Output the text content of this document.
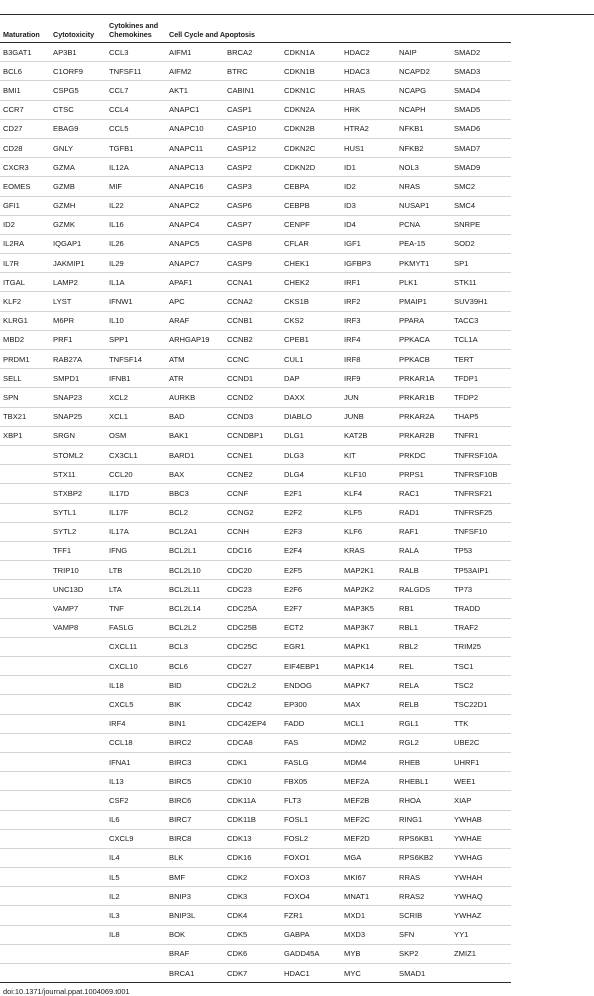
Maturation	Cytotoxicity	Cytokines and Chemokines	Cell Cycle and Apoptosis					
B3GAT1	AP3B1	CCL3	AIFM1	BRCA2	CDKN1A	HDAC2	NAIP	SMAD2
BCL6	C1ORF9	TNFSF11	AIFM2	BTRC	CDKN1B	HDAC3	NCAPD2	SMAD3
BMI1	CSPG5	CCL7	AKT1	CABIN1	CDKN1C	HRAS	NCAPG	SMAD4
CCR7	CTSC	CCL4	ANAPC1	CASP1	CDKN2A	HRK	NCAPH	SMAD5
CD27	EBAG9	CCL5	ANAPC10	CASP10	CDKN2B	HTRA2	NFKB1	SMAD6
CD28	GNLY	TGFB1	ANAPC11	CASP12	CDKN2C	HUS1	NFKB2	SMAD7
CXCR3	GZMA	IL12A	ANAPC13	CASP2	CDKN2D	ID1	NOL3	SMAD9
EOMES	GZMB	MIF	ANAPC16	CASP3	CEBPA	ID2	NRAS	SMC2
GFI1	GZMH	IL22	ANAPC2	CASP6	CEBPB	ID3	NUSAP1	SMC4
ID2	GZMK	IL16	ANAPC4	CASP7	CENPF	ID4	PCNA	SNRPE
IL2RA	IQGAP1	IL26	ANAPC5	CASP8	CFLAR	IGF1	PEA-15	SOD2
IL7R	JAKMIP1	IL29	ANAPC7	CASP9	CHEK1	IGFBP3	PKMYT1	SP1
ITGAL	LAMP2	IL1A	APAF1	CCNA1	CHEK2	IRF1	PLK1	STK11
KLF2	LYST	IFNW1	APC	CCNA2	CKS1B	IRF2	PMAIP1	SUV39H1
KLRG1	M6PR	IL10	ARAF	CCNB1	CKS2	IRF3	PPARA	TACC3
MBD2	PRF1	SPP1	ARHGAP19	CCNB2	CPEB1	IRF4	PPKACA	TCL1A
PRDM1	RAB27A	TNFSF14	ATM	CCNC	CUL1	IRF8	PPKACB	TERT
SELL	SMPD1	IFNB1	ATR	CCND1	DAP	IRF9	PRKAR1A	TFDP1
SPN	SNAP23	XCL2	AURKB	CCND2	DAXX	JUN	PRKAR1B	TFDP2
TBX21	SNAP25	XCL1	BAD	CCND3	DIABLO	JUNB	PRKAR2A	THAP5
XBP1	SRGN	OSM	BAK1	CCNDBP1	DLG1	KAT2B	PRKAR2B	TNFR1
	STOML2	CX3CL1	BARD1	CCNE1	DLG3	KIT	PRKDC	TNFRSF10A
	STX11	CCL20	BAX	CCNE2	DLG4	KLF10	PRPS1	TNFRSF10B
	STXBP2	IL17D	BBC3	CCNF	E2F1	KLF4	RAC1	TNFRSF21
	SYTL1	IL17F	BCL2	CCNG2	E2F2	KLF5	RAD1	TNFRSF25
	SYTL2	IL17A	BCL2A1	CCNH	E2F3	KLF6	RAF1	TNFSF10
	TFF1	IFNG	BCL2L1	CDC16	E2F4	KRAS	RALA	TP53
	TRIP10	LTB	BCL2L10	CDC20	E2F5	MAP2K1	RALB	TP53AIP1
	UNC13D	LTA	BCL2L11	CDC23	E2F6	MAP2K2	RALGDS	TP73
	VAMP7	TNF	BCL2L14	CDC25A	E2F7	MAP3K5	RB1	TRADD
	VAMP8	FASLG	BCL2L2	CDC25B	ECT2	MAP3K7	RBL1	TRAF2
		CXCL11	BCL3	CDC25C	EGR1	MAPK1	RBL2	TRIM25
		CXCL10	BCL6	CDC27	EIF4EBP1	MAPK14	REL	TSC1
		IL18	BID	CDC2L2	ENDOG	MAPK7	RELA	TSC2
		CXCL5	BIK	CDC42	EP300	MAX	RELB	TSC22D1
		IRF4	BIN1	CDC42EP4	FADD	MCL1	RGL1	TTK
		CCL18	BIRC2	CDCA8	FAS	MDM2	RGL2	UBE2C
		IFNA1	BIRC3	CDK1	FASLG	MDM4	RHEB	UHRF1
		IL13	BIRC5	CDK10	FBX05	MEF2A	RHEBL1	WEE1
		CSF2	BIRC6	CDK11A	FLT3	MEF2B	RHOA	XIAP
		IL6	BIRC7	CDK11B	FOSL1	MEF2C	RING1	YWHAB
		CXCL9	BIRC8	CDK13	FOSL2	MEF2D	RPS6KB1	YWHAE
		IL4	BLK	CDK16	FOXO1	MGA	RPS6KB2	YWHAG
		IL5	BMF	CDK2	FOXO3	MKI67	RRAS	YWHAH
		IL2	BNIP3	CDK3	FOXO4	MNAT1	RRAS2	YWHAQ
		IL3	BNIP3L	CDK4	FZR1	MXD1	SCRIB	YWHAZ
		IL8	BOK	CDK5	GABPA	MXD3	SFN	YY1
			BRAF	CDK6	GADD45A	MYB	SKP2	ZMIZ1
			BRCA1	CDK7	HDAC1	MYC	SMAD1	
doi:10.1371/journal.ppat.1004069.t001
